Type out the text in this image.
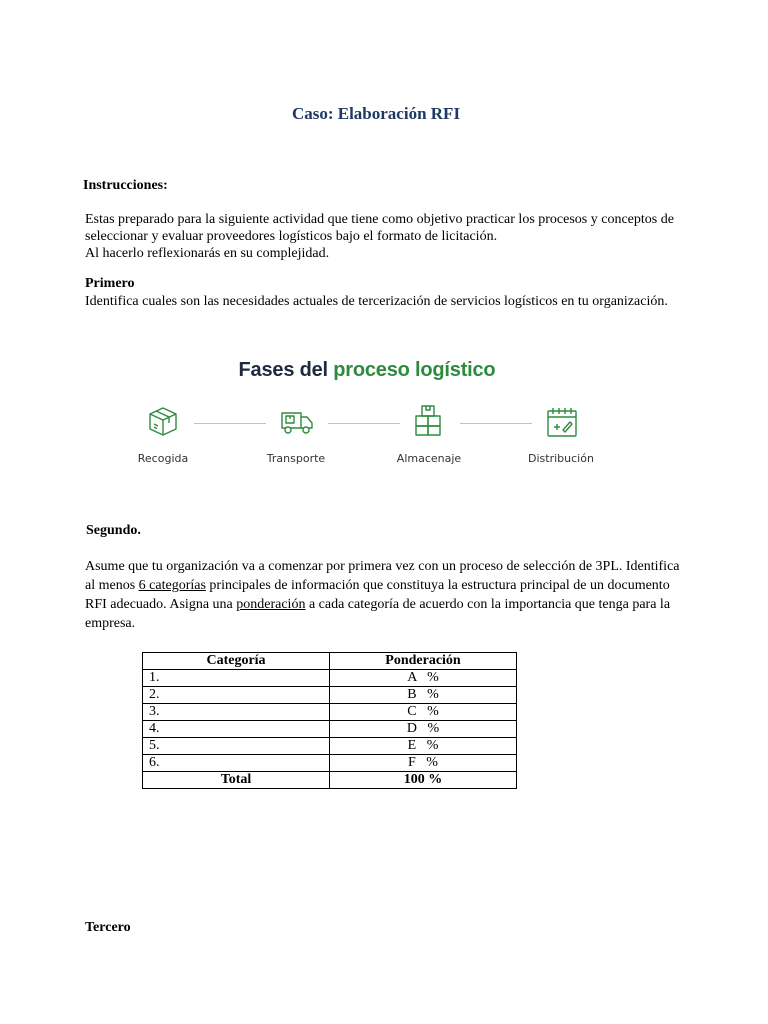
Caso: Elaboración RFI
Instrucciones:
Estas preparado para la siguiente actividad que tiene como objetivo practicar los procesos y conceptos de
seleccionar y evaluar proveedores logísticos bajo el formato de licitación.
Al hacerlo reflexionarás en su complejidad.
Primero
Identifica cuales son las necesidades actuales de tercerización de servicios logísticos en tu organización.
Fases del proceso logístico
Recogida	Transporte	Almacenaje	Distribución
Segundo.
Asume que tu organización va a comenzar por primera vez con un proceso de selección de 3PL. Identifica
al menos 6 categorías principales de información que constituya la estructura principal de un documento
RFI adecuado. Asigna una ponderación a cada categoría de acuerdo con la importancia que tenga para la
empresa.
Categoría	Ponderación
1.	A   %
2.	B   %
3.	C   %
4.	D   %
5.	E   %
6.	F   %
Total	100 %
Tercero
